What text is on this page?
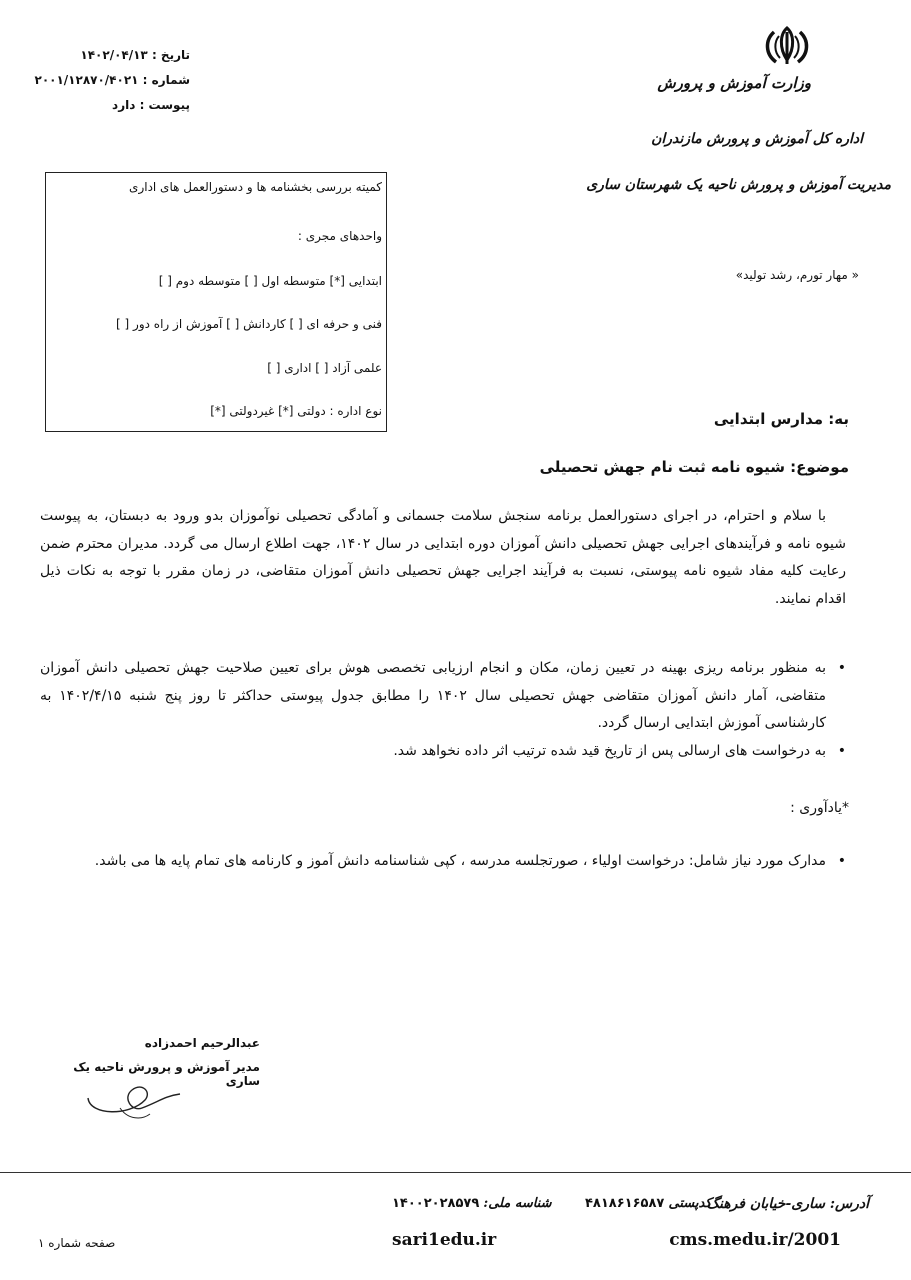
تاریخ : ۱۴۰۲/۰۴/۱۳
شماره : ۲۰۰۱/۱۲۸۷۰/۴۰۲۱
پیوست : دارد
وزارت آموزش و پرورش
اداره کل آموزش و پرورش مازندران
مدیریت آموزش و پرورش ناحیه یک شهرستان ساری
« مهار تورم، رشد تولید»
کمیته بررسی بخشنامه ها و دستورالعمل های اداری
واحدهای مجری :
ابتدایی [*] متوسطه اول [ ] متوسطه دوم [ ]
فنی و حرفه ای [ ] کاردانش [ ] آموزش از راه دور [ ]
علمی آزاد [ ] اداری [ ]
نوع اداره : دولتی [*] غیردولتی [*]	به: مدارس ابتدایی
موضوع: شیوه نامه ثبت نام جهش تحصیلی
با سلام و احترام، در اجرای دستورالعمل برنامه سنجش سلامت جسمانی و آمادگی تحصیلی نوآموزان بدو ورود به دبستان، به پیوست شیوه نامه و فرآیندهای اجرایی جهش تحصیلی دانش آموزان دوره ابتدایی در سال ۱۴۰۲، جهت اطلاع ارسال می گردد. مدیران محترم ضمن رعایت کلیه مفاد شیوه نامه پیوستی، نسبت به فرآیند اجرایی جهش تحصیلی دانش آموزان متقاضی، در زمان مقرر با توجه به نکات ذیل اقدام نمایند.
• به منظور برنامه ریزی بهینه در تعیین زمان، مکان و انجام ارزیابی تخصصی هوش برای تعیین صلاحیت جهش تحصیلی دانش آموزان متقاضی، آمار دانش آموزان متقاضی جهش تحصیلی سال ۱۴۰۲ را مطابق جدول پیوستی حداکثر تا روز پنج شنبه ۱۴۰۲/۴/۱۵ به کارشناسی آموزش ابتدایی ارسال گردد.
• به درخواست های ارسالی پس از تاریخ قید شده ترتیب اثر داده نخواهد شد.
*یادآوری :
• مدارک مورد نیاز شامل: درخواست اولیاء ، صورتجلسه مدرسه ، کپی شناسنامه دانش آموز و کارنامه های تمام پایه ها می باشد.
عبدالرحیم احمدزاده
مدیر آموزش و پرورش ناحیه یک ساری
آدرس: ساری-خیابان فرهنگ
کدپستی ۴۸۱۸۶۱۶۵۸۷
شناسه ملی: ۱۴۰۰۲۰۲۸۵۷۹
cms.medu.ir/2001
sari1edu.ir
صفحه شماره ۱
